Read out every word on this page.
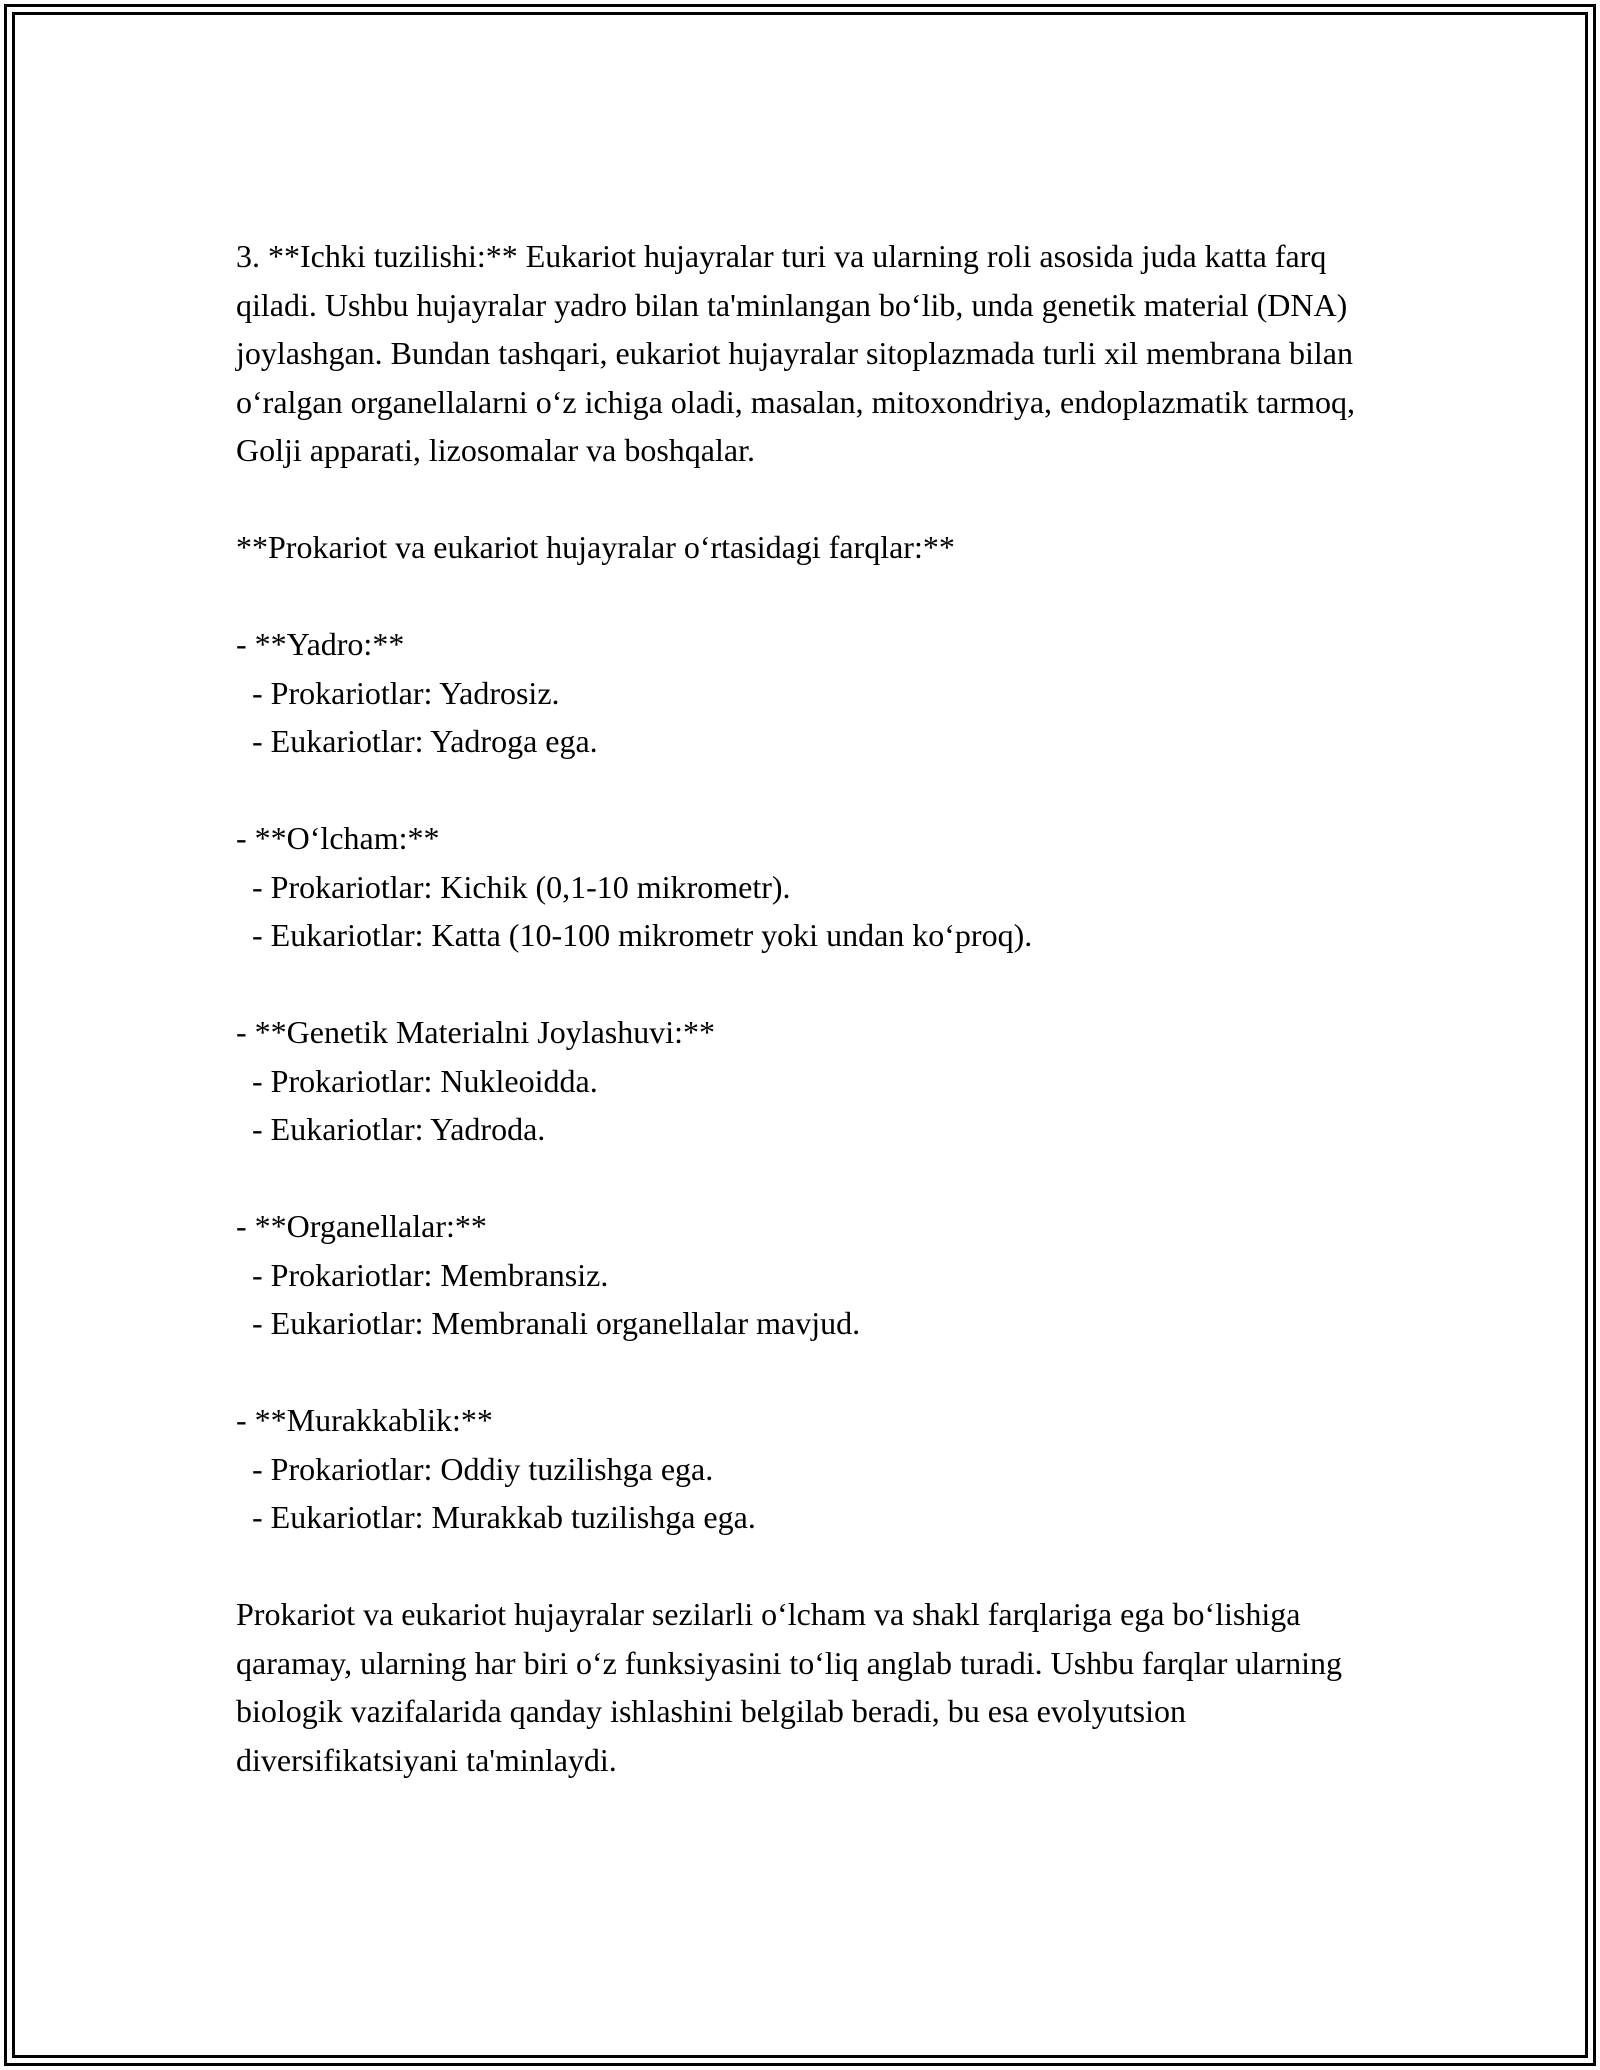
3. **Ichki tuzilishi:** Eukariot hujayralar turi va ularning roli asosida juda katta farq qiladi. Ushbu hujayralar yadro bilan ta'minlangan bo‘lib, unda genetik material (DNA) joylashgan. Bundan tashqari, eukariot hujayralar sitoplazmada turli xil membrana bilan o‘ralgan organellalarni o‘z ichiga oladi, masalan, mitoxondriya, endoplazmatik tarmoq, Golji apparati, lizosomalar va boshqalar.

**Prokariot va eukariot hujayralar o‘rtasidagi farqlar:**

- **Yadro:**

- Prokariotlar: Yadrosiz.

- Eukariotlar: Yadroga ega.

- **O‘lcham:**

- Prokariotlar: Kichik (0,1-10 mikrometr).

- Eukariotlar: Katta (10-100 mikrometr yoki undan ko‘proq).

- **Genetik Materialni Joylashuvi:**

- Prokariotlar: Nukleoidda.

- Eukariotlar: Yadroda.

- **Organellalar:**

- Prokariotlar: Membransiz.

- Eukariotlar: Membranali organellalar mavjud.

- **Murakkablik:**

- Prokariotlar: Oddiy tuzilishga ega.

- Eukariotlar: Murakkab tuzilishga ega.

Prokariot va eukariot hujayralar sezilarli o‘lcham va shakl farqlariga ega bo‘lishiga qaramay, ularning har biri o‘z funksiyasini to‘liq anglab turadi. Ushbu farqlar ularning biologik vazifalarida qanday ishlashini belgilab beradi, bu esa evolyutsion diversifikatsiyani ta'minlaydi.
